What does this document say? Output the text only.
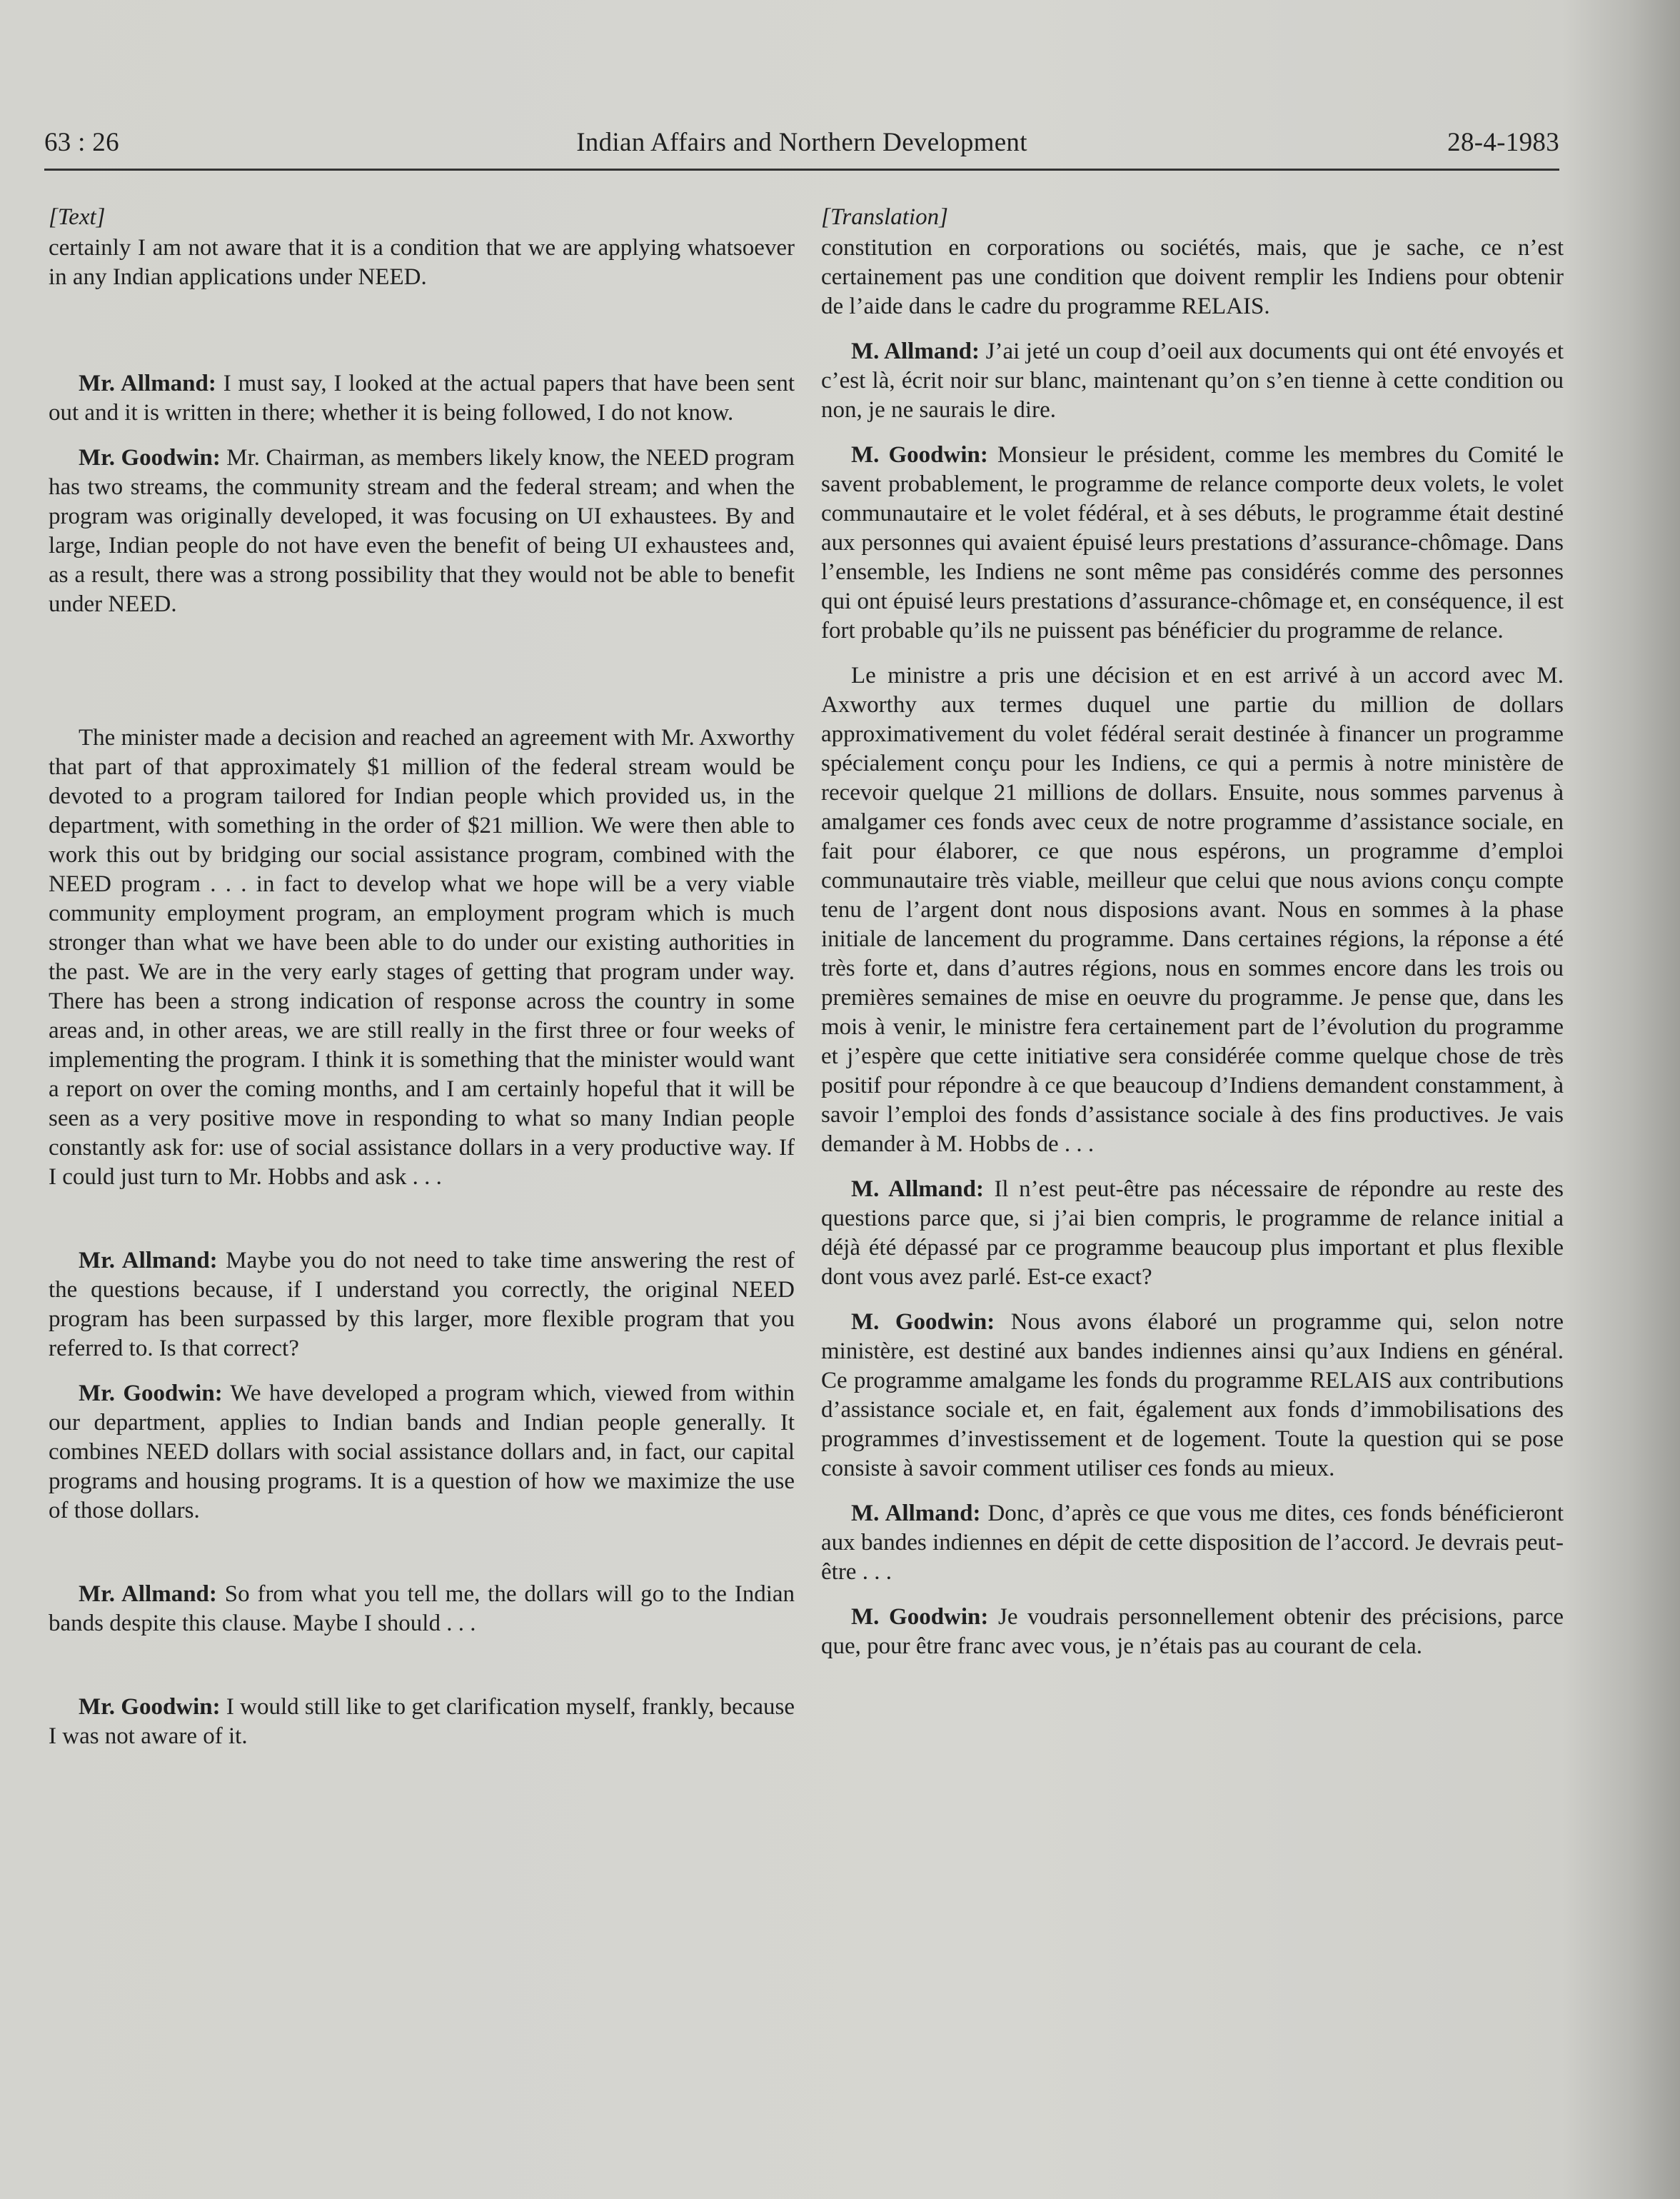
63 : 26	Indian Affairs and Northern Development	28-4-1983
[Text]

certainly I am not aware that it is a condition that we are applying whatsoever in any Indian applications under NEED.

Mr. Allmand: I must say, I looked at the actual papers that have been sent out and it is written in there; whether it is being followed, I do not know.

Mr. Goodwin: Mr. Chairman, as members likely know, the NEED program has two streams, the community stream and the federal stream; and when the program was originally developed, it was focusing on UI exhaustees. By and large, Indian people do not have even the benefit of being UI exhaustees and, as a result, there was a strong possibility that they would not be able to benefit under NEED.

The minister made a decision and reached an agreement with Mr. Axworthy that part of that approximately $1 million of the federal stream would be devoted to a program tailored for Indian people which provided us, in the department, with something in the order of $21 million. We were then able to work this out by bridging our social assistance program, combined with the NEED program . . . in fact to develop what we hope will be a very viable community employment program, an employment program which is much stronger than what we have been able to do under our existing authorities in the past. We are in the very early stages of getting that program under way. There has been a strong indication of response across the country in some areas and, in other areas, we are still really in the first three or four weeks of implementing the program. I think it is something that the minister would want a report on over the coming months, and I am certainly hopeful that it will be seen as a very positive move in responding to what so many Indian people constantly ask for: use of social assistance dollars in a very productive way. If I could just turn to Mr. Hobbs and ask . . .

Mr. Allmand: Maybe you do not need to take time answering the rest of the questions because, if I understand you correctly, the original NEED program has been surpassed by this larger, more flexible program that you referred to. Is that correct?

Mr. Goodwin: We have developed a program which, viewed from within our department, applies to Indian bands and Indian people generally. It combines NEED dollars with social assistance dollars and, in fact, our capital programs and housing programs. It is a question of how we maximize the use of those dollars.

Mr. Allmand: So from what you tell me, the dollars will go to the Indian bands despite this clause. Maybe I should . . .

Mr. Goodwin: I would still like to get clarification myself, frankly, because I was not aware of it.

[Translation]

constitution en corporations ou sociétés, mais, que je sache, ce n’est certainement pas une condition que doivent remplir les Indiens pour obtenir de l’aide dans le cadre du programme RELAIS.

M. Allmand: J’ai jeté un coup d’oeil aux documents qui ont été envoyés et c’est là, écrit noir sur blanc, maintenant qu’on s’en tienne à cette condition ou non, je ne saurais le dire.

M. Goodwin: Monsieur le président, comme les membres du Comité le savent probablement, le programme de relance comporte deux volets, le volet communautaire et le volet fédéral, et à ses débuts, le programme était destiné aux personnes qui avaient épuisé leurs prestations d’assurance-chômage. Dans l’ensemble, les Indiens ne sont même pas considérés comme des personnes qui ont épuisé leurs prestations d’assurance-chômage et, en conséquence, il est fort probable qu’ils ne puissent pas bénéficier du programme de relance.

Le ministre a pris une décision et en est arrivé à un accord avec M. Axworthy aux termes duquel une partie du million de dollars approximativement du volet fédéral serait destinée à financer un programme spécialement conçu pour les Indiens, ce qui a permis à notre ministère de recevoir quelque 21 millions de dollars. Ensuite, nous sommes parvenus à amalgamer ces fonds avec ceux de notre programme d’assistance sociale, en fait pour élaborer, ce que nous espérons, un programme d’emploi communautaire très viable, meilleur que celui que nous avions conçu compte tenu de l’argent dont nous disposions avant. Nous en sommes à la phase initiale de lancement du programme. Dans certaines régions, la réponse a été très forte et, dans d’autres régions, nous en sommes encore dans les trois ou premières semaines de mise en oeuvre du programme. Je pense que, dans les mois à venir, le ministre fera certainement part de l’évolution du programme et j’espère que cette initiative sera considérée comme quelque chose de très positif pour répondre à ce que beaucoup d’Indiens demandent constamment, à savoir l’emploi des fonds d’assistance sociale à des fins productives. Je vais demander à M. Hobbs de . . .

M. Allmand: Il n’est peut-être pas nécessaire de répondre au reste des questions parce que, si j’ai bien compris, le programme de relance initial a déjà été dépassé par ce programme beaucoup plus important et plus flexible dont vous avez parlé. Est-ce exact?

M. Goodwin: Nous avons élaboré un programme qui, selon notre ministère, est destiné aux bandes indiennes ainsi qu’aux Indiens en général. Ce programme amalgame les fonds du programme RELAIS aux contributions d’assistance sociale et, en fait, également aux fonds d’immobilisations des programmes d’investissement et de logement. Toute la question qui se pose consiste à savoir comment utiliser ces fonds au mieux.

M. Allmand: Donc, d’après ce que vous me dites, ces fonds bénéficieront aux bandes indiennes en dépit de cette disposition de l’accord. Je devrais peut-être . . .

M. Goodwin: Je voudrais personnellement obtenir des précisions, parce que, pour être franc avec vous, je n’étais pas au courant de cela.
